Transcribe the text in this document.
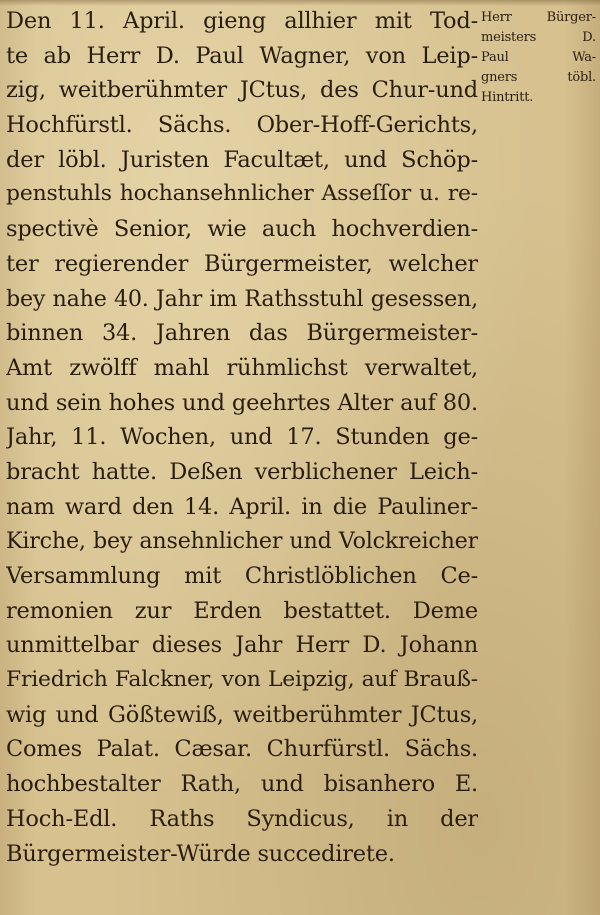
Den 11. April. gieng allhier mit Tod-
te ab Herr D. Paul Wagner, von Leip-
zig, weitberühmter JCtus, des Chur-und
Hochfürstl. Sächs. Ober-Hoff-Gerichts,
der löbl. Juristen Facultæt, und Schöp-
penstuhls hochansehnlicher Asseſſor u. re-
spectivè Senior, wie auch hochverdien-
ter regierender Bürgermeister, welcher
bey nahe 40. Jahr im Rathsstuhl gesessen,
binnen 34. Jahren das Bürgermeister-
Amt zwölff mahl rühmlichst verwaltet,
und sein hohes und geehrtes Alter auf 80.
Jahr, 11. Wochen, und 17. Stunden ge-
bracht hatte. Deßen verblichener Leich-
nam ward den 14. April. in die Pauliner-
Kirche, bey ansehnlicher und Volckreicher
Versammlung mit Christlöblichen Ce-
remonien zur Erden bestattet. Deme
unmittelbar dieses Jahr Herr D. Johann
Friedrich Falckner, von Leipzig, auf Brauß-
wig und Gößtewiß, weitberühmter JCtus,
Comes Palat. Cæsar. Churfürstl. Sächs.
hochbestalter Rath, und bisanhero E.
Hoch-Edl. Raths Syndicus, in der
Bürgermeister-Würde succedirete.
Herr Bürger-
meisters D.
Paul Wa-
gners töbl.
Hintritt.
